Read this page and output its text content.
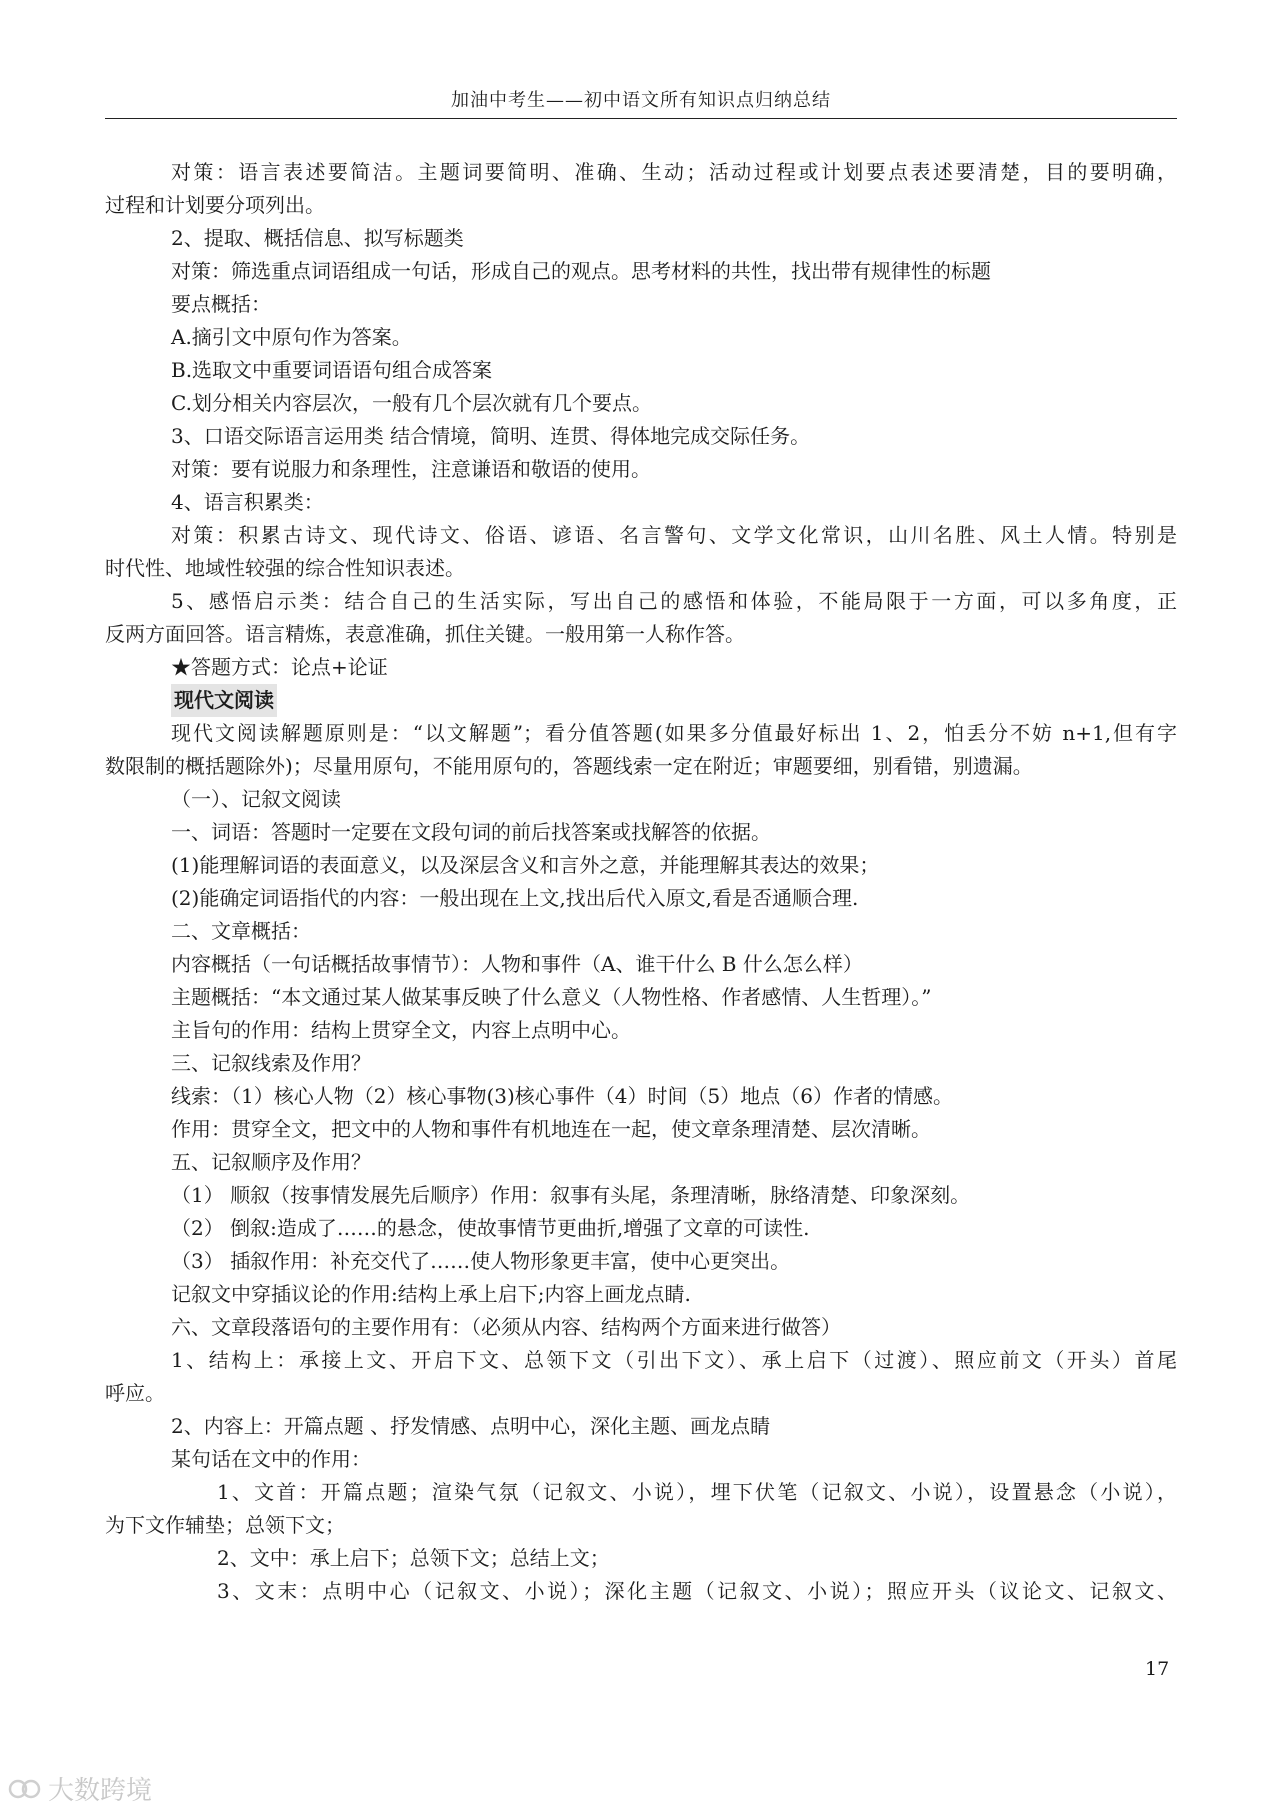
加油中考生——初中语文所有知识点归纳总结
对策：语言表述要简洁。主题词要简明、准确、生动；活动过程或计划要点表述要清楚，目的要明确，
过程和计划要分项列出。
2、提取、概括信息、拟写标题类
对策：筛选重点词语组成一句话，形成自己的观点。思考材料的共性，找出带有规律性的标题
要点概括：
A.摘引文中原句作为答案。
B.选取文中重要词语语句组合成答案
C.划分相关内容层次，一般有几个层次就有几个要点。
3、口语交际语言运用类 结合情境，简明、连贯、得体地完成交际任务。
对策：要有说服力和条理性，注意谦语和敬语的使用。
4、语言积累类：
对策：积累古诗文、现代诗文、俗语、谚语、名言警句、文学文化常识，山川名胜、风土人情。特别是
时代性、地域性较强的综合性知识表述。
5、感悟启示类：结合自己的生活实际，写出自己的感悟和体验，不能局限于一方面，可以多角度，正
反两方面回答。语言精炼，表意准确，抓住关键。一般用第一人称作答。
★答题方式：论点+论证
现代文阅读
现代文阅读解题原则是：“以文解题”；看分值答题(如果多分值最好标出 1、2，怕丢分不妨 n+1,但有字
数限制的概括题除外)；尽量用原句，不能用原句的，答题线索一定在附近；审题要细，别看错，别遗漏。
（一）、记叙文阅读
一、词语：答题时一定要在文段句词的前后找答案或找解答的依据。
(1)能理解词语的表面意义，以及深层含义和言外之意，并能理解其表达的效果；
(2)能确定词语指代的内容：一般出现在上文,找出后代入原文,看是否通顺合理.
二、文章概括：
内容概括（一句话概括故事情节）：人物和事件（A、谁干什么 B 什么怎么样）
主题概括：“本文通过某人做某事反映了什么意义（人物性格、作者感情、人生哲理）。”
主旨句的作用：结构上贯穿全文，内容上点明中心。
三、记叙线索及作用？
线索：（1）核心人物（2）核心事物(3)核心事件（4）时间（5）地点（6）作者的情感。
作用：贯穿全文，把文中的人物和事件有机地连在一起，使文章条理清楚、层次清晰。
五、记叙顺序及作用？
（1） 顺叙（按事情发展先后顺序）作用：叙事有头尾，条理清晰，脉络清楚、印象深刻。
（2） 倒叙:造成了……的悬念，使故事情节更曲折,增强了文章的可读性.
（3） 插叙作用：补充交代了……使人物形象更丰富，使中心更突出。
记叙文中穿插议论的作用:结构上承上启下;内容上画龙点睛.
六、文章段落语句的主要作用有：（必须从内容、结构两个方面来进行做答）
1、结构上：承接上文、开启下文、总领下文（引出下文）、承上启下（过渡）、照应前文（开头）首尾
呼应。
2、内容上：开篇点题 、抒发情感、点明中心，深化主题、画龙点睛
某句话在文中的作用：
1、文首：开篇点题；渲染气氛（记叙文、小说），埋下伏笔（记叙文、小说），设置悬念（小说），
为下文作辅垫；总领下文；
2、文中：承上启下；总领下文；总结上文；
3、文末：点明中心（记叙文、小说）；深化主题（记叙文、小说）；照应开头（议论文、记叙文、
17
大数跨境
